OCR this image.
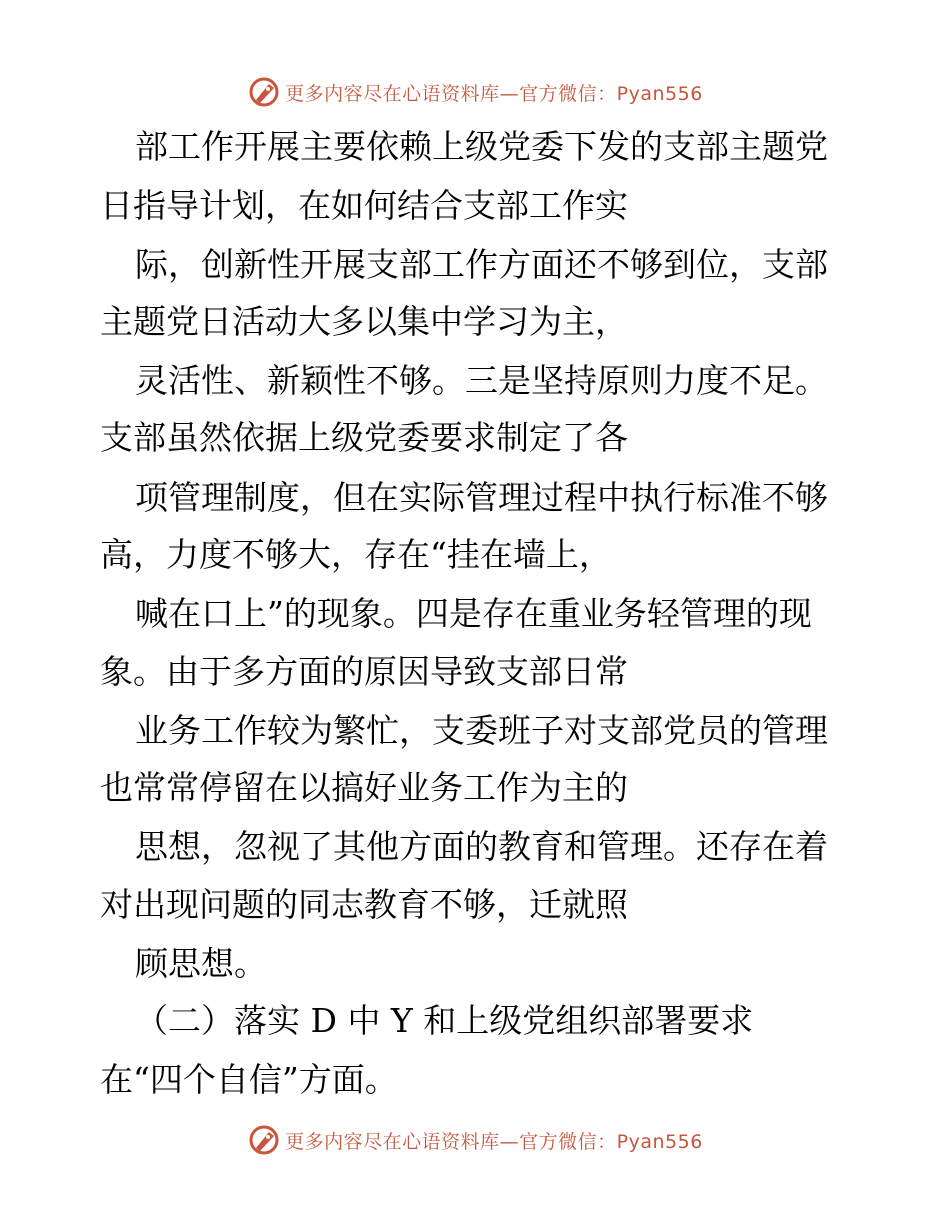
更多内容尽在心语资料库—官方微信：Pyan556
部工作开展主要依赖上级党委下发的支部主题党
日指导计划，在如何结合支部工作实
际，创新性开展支部工作方面还不够到位，支部
主题党日活动大多以集中学习为主，
灵活性、新颖性不够。三是坚持原则力度不足。
支部虽然依据上级党委要求制定了各
项管理制度，但在实际管理过程中执行标准不够
高，力度不够大，存在“挂在墙上，
喊在口上”的现象。四是存在重业务轻管理的现
象。由于多方面的原因导致支部日常
业务工作较为繁忙，支委班子对支部党员的管理
也常常停留在以搞好业务工作为主的
思想，忽视了其他方面的教育和管理。还存在着
对出现问题的同志教育不够，迁就照
顾思想。
（二）落实 D 中 Y 和上级党组织部署要求
在“四个自信”方面。
更多内容尽在心语资料库—官方微信：Pyan556
